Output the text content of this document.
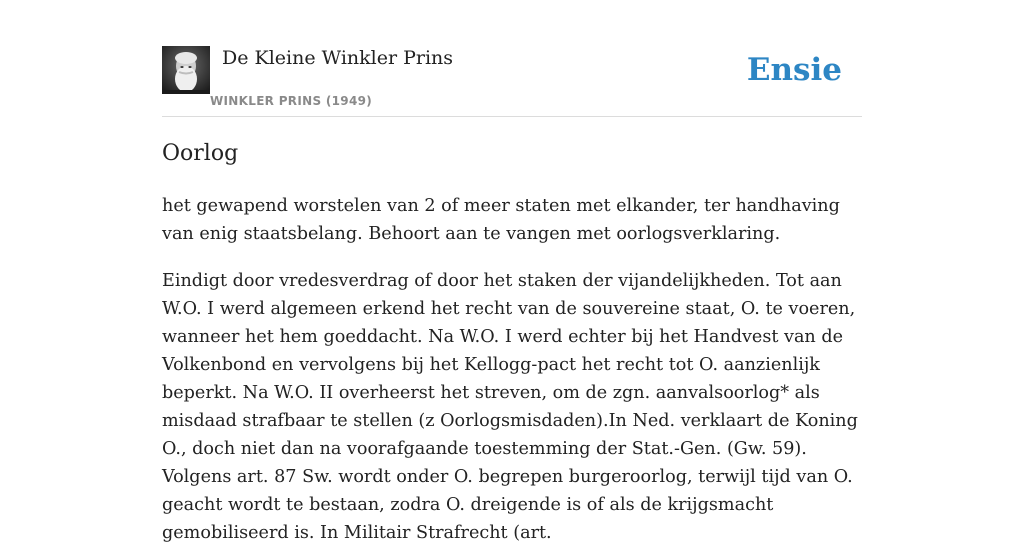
De Kleine Winkler Prins
WINKLER PRINS (1949)
Ensie
Oorlog

het gewapend worstelen van 2 of meer staten met elkander, ter handhaving van enig staatsbelang. Behoort aan te vangen met oorlogsverklaring.

Eindigt door vredesverdrag of door het staken der vijandelijkheden. Tot aan W.O. I werd algemeen erkend het recht van de souvereine staat, O. te voeren, wanneer het hem goeddacht. Na W.O. I werd echter bij het Handvest van de Volkenbond en vervolgens bij het Kellogg-pact het recht tot O. aanzienlijk beperkt. Na W.O. II overheerst het streven, om de zgn. aanvalsoorlog* als misdaad strafbaar te stellen (z Oorlogsmisdaden).In Ned. verklaart de Koning O., doch niet dan na voorafgaande toestemming der Stat.-Gen. (Gw. 59). Volgens art. 87 Sw. wordt onder O. begrepen burgeroorlog, terwijl tijd van O. geacht wordt te bestaan, zodra O. dreigende is of als de krijgsmacht gemobiliseerd is. In Militair Strafrecht (art.
